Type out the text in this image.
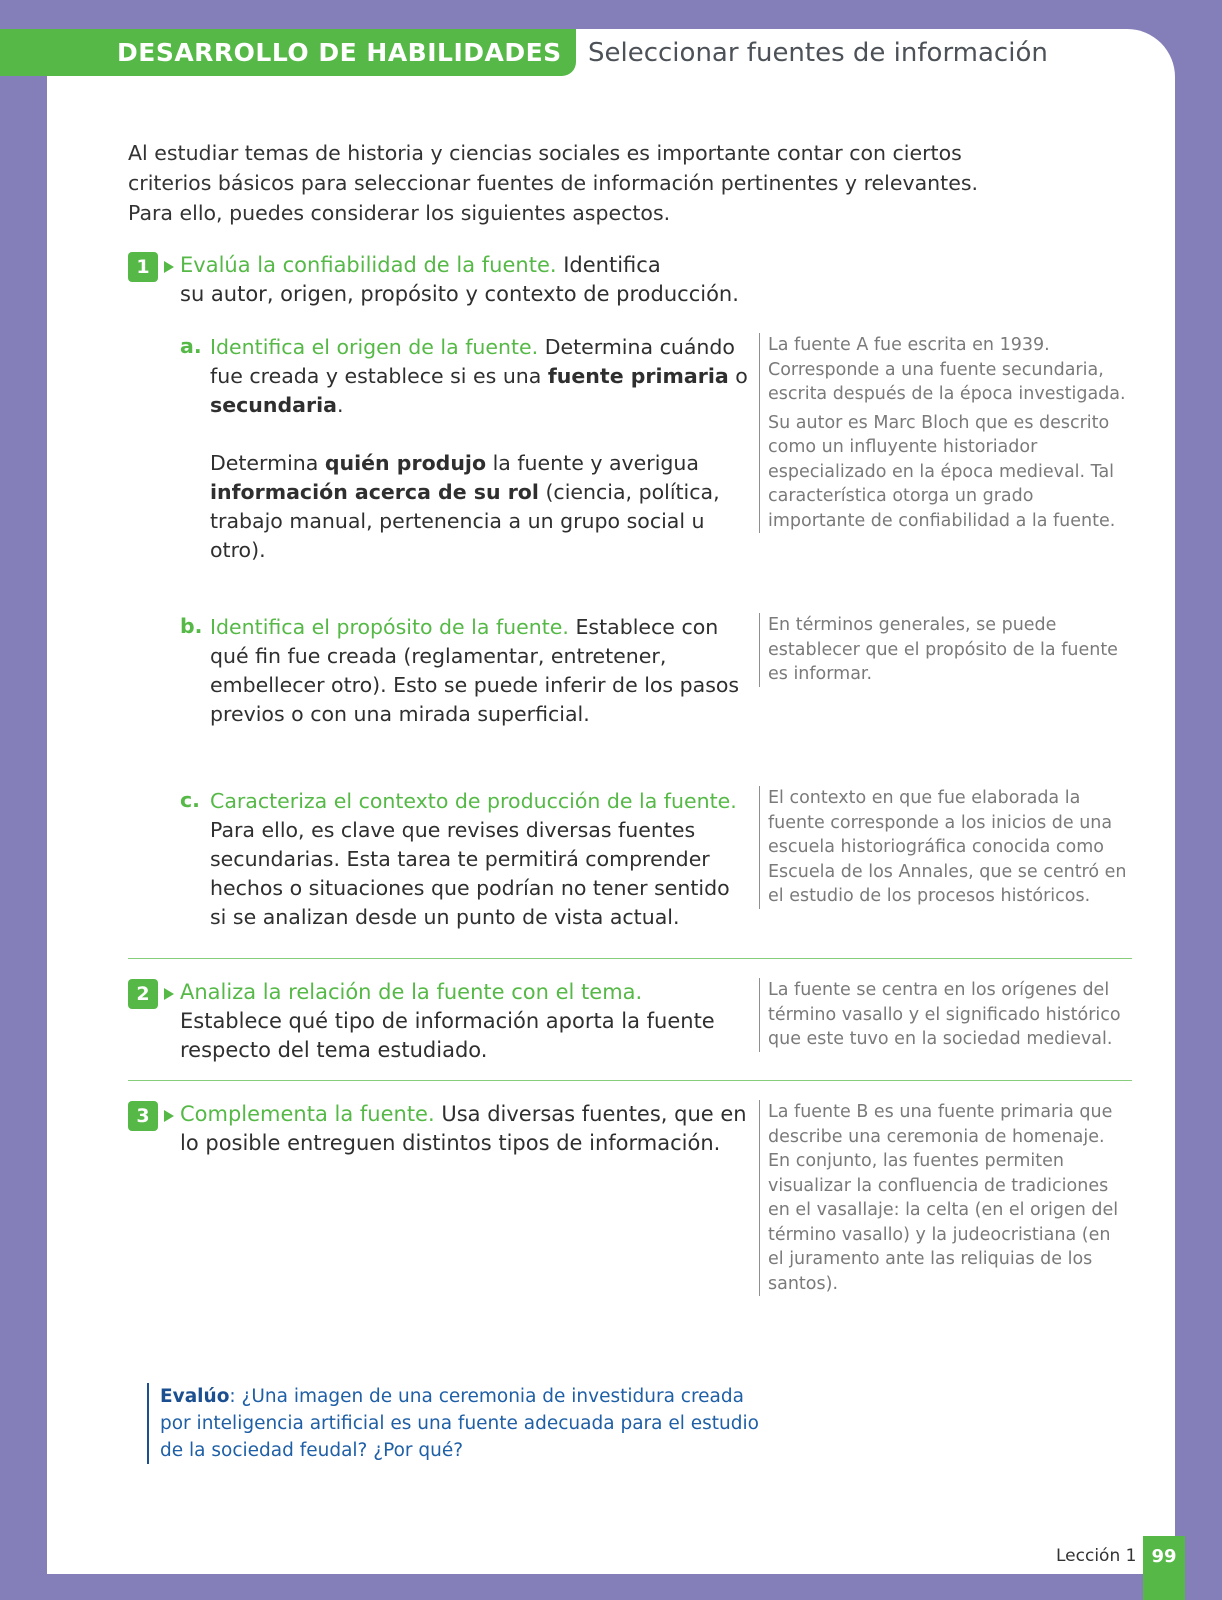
DESARROLLO DE HABILIDADES	Seleccionar fuentes de información

Al estudiar temas de historia y ciencias sociales es importante contar con ciertos criterios básicos para seleccionar fuentes de información pertinentes y relevantes. Para ello, puedes considerar los siguientes aspectos.

1	Evalúa la confiabilidad de la fuente. Identifica
su autor, origen, propósito y contexto de producción.
a. Identifica el origen de la fuente. Determina cuándo fue creada y establece si es una fuente primaria o secundaria.

Determina quién produjo la fuente y averigua información acerca de su rol (ciencia, política, trabajo manual, pertenencia a un grupo social u otro).

La fuente A fue escrita en 1939. Corresponde a una fuente secundaria, escrita después de la época investigada.

Su autor es Marc Bloch que es descrito como un influyente historiador especializado en la época medieval. Tal característica otorga un grado importante de confiabilidad a la fuente.

b. Identifica el propósito de la fuente. Establece con qué fin fue creada (reglamentar, entretener, embellecer otro). Esto se puede inferir de los pasos previos o con una mirada superficial.

En términos generales, se puede establecer que el propósito de la fuente es informar.

c. Caracteriza el contexto de producción de la fuente.
Para ello, es clave que revises diversas fuentes secundarias. Esta tarea te permitirá comprender hechos o situaciones que podrían no tener sentido si se analizan desde un punto de vista actual.

El contexto en que fue elaborada la fuente corresponde a los inicios de una escuela historiográfica conocida como Escuela de los Annales, que se centró en el estudio de los procesos históricos.

2	Analiza la relación de la fuente con el tema. Establece qué tipo de información aporta la fuente respecto del tema estudiado.

La fuente se centra en los orígenes del término vasallo y el significado histórico que este tuvo en la sociedad medieval.

3	Complementa la fuente. Usa diversas fuentes, que en lo posible entreguen distintos tipos de información.

La fuente B es una fuente primaria que describe una ceremonia de homenaje. En conjunto, las fuentes permiten visualizar la confluencia de tradiciones en el vasallaje: la celta (en el origen del término vasallo) y la judeocristiana (en el juramento ante las reliquias de los santos).

Evalúo: ¿Una imagen de una ceremonia de investidura creada por inteligencia artificial es una fuente adecuada para el estudio de la sociedad feudal? ¿Por qué?
Lección 1 99
